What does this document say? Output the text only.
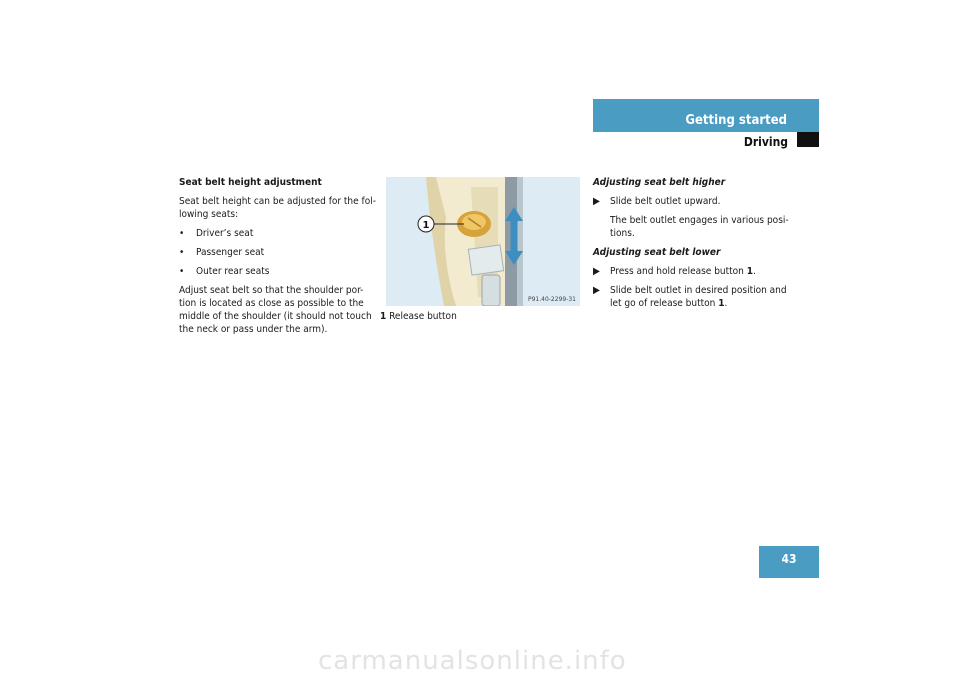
Getting started
Driving

Seat belt height adjustment

Seat belt height can be adjusted for the fol-lowing seats:

• Driver’s seat

• Passenger seat

• Outer rear seats

Adjust seat belt so that the shoulder por-tion is located as close as possible to the middle of the shoulder (it should not touch the neck or pass under the arm).

1
P91.40-2299-31
1 Release button

Adjusting seat belt higher

▶ Slide belt outlet upward.

The belt outlet engages in various posi-tions.

Adjusting seat belt lower

▶ Press and hold release button 1.

▶ Slide belt outlet in desired position and let go of release button 1.

43
carmanualsonline.info
